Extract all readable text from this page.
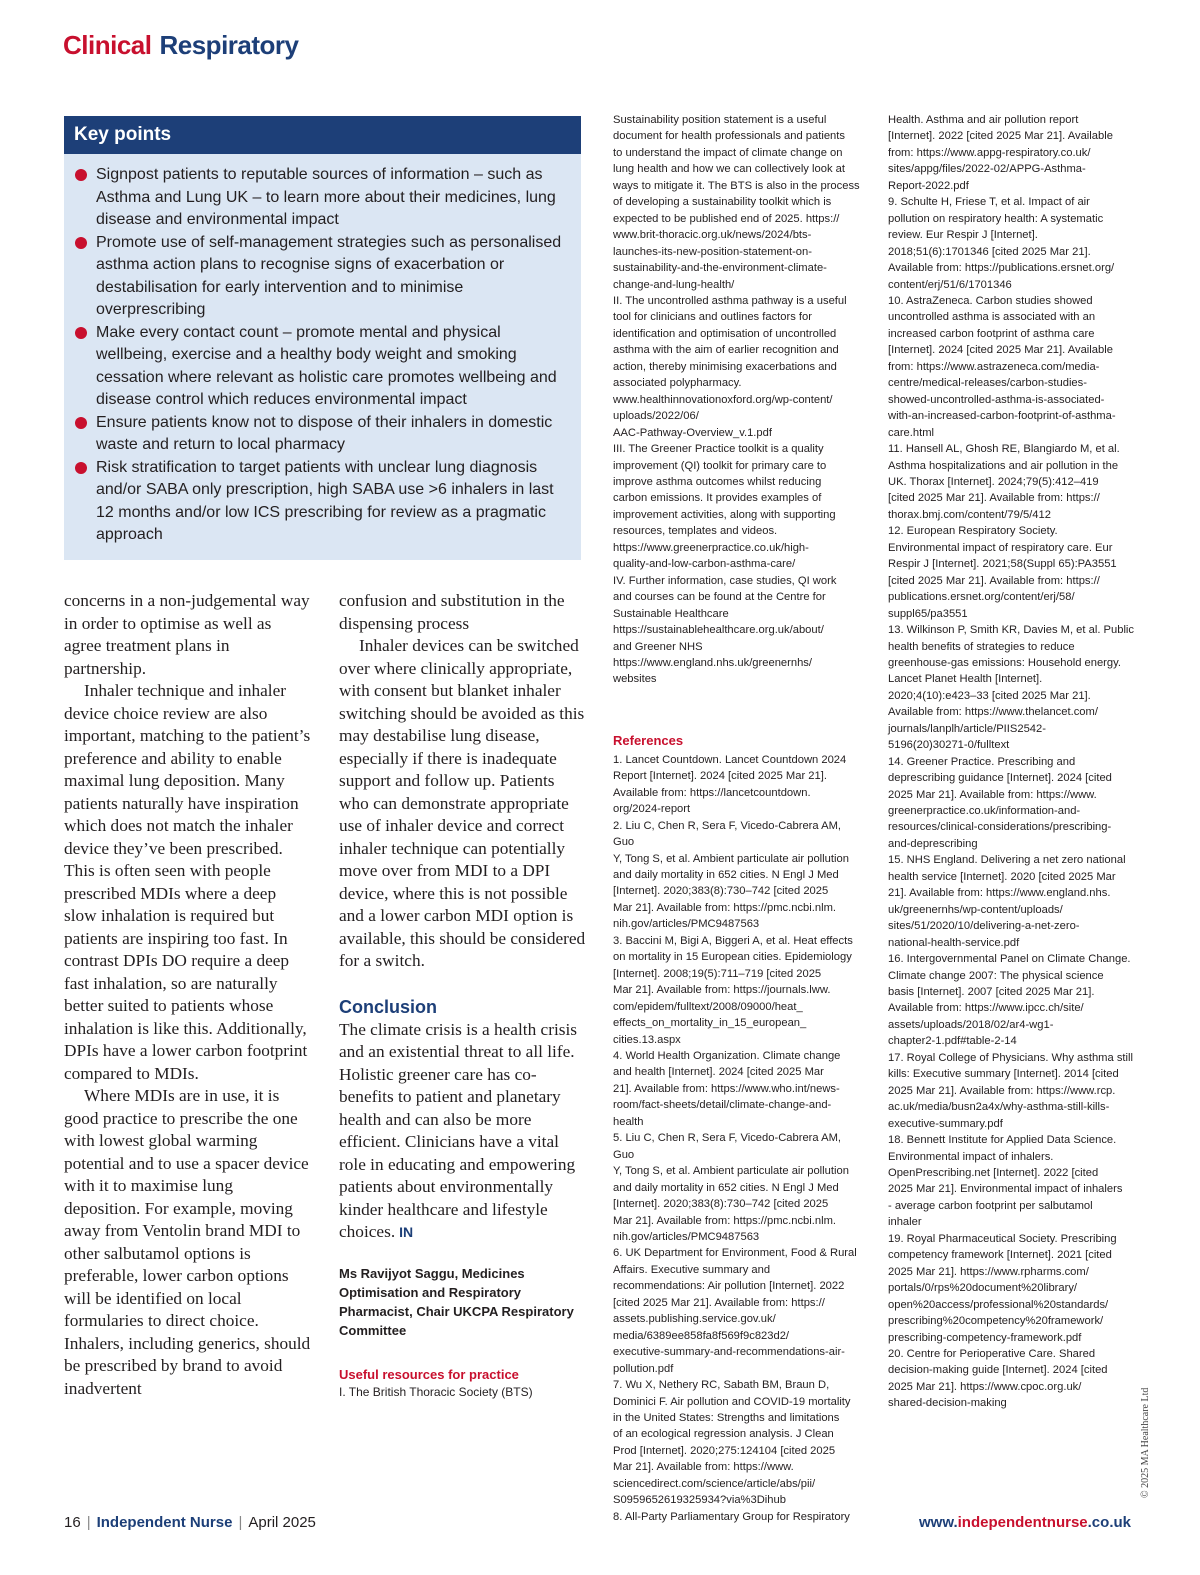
Clinical Respiratory
Key points
Signpost patients to reputable sources of information – such as Asthma and Lung UK – to learn more about their medicines, lung disease and environmental impact
Promote use of self-management strategies such as personalised asthma action plans to recognise signs of exacerbation or destabilisation for early intervention and to minimise overprescribing
Make every contact count – promote mental and physical wellbeing, exercise and a healthy body weight and smoking cessation where relevant as holistic care promotes wellbeing and disease control which reduces environmental impact
Ensure patients know not to dispose of their inhalers in domestic waste and return to local pharmacy
Risk stratification to target patients with unclear lung diagnosis and/or SABA only prescription, high SABA use >6 inhalers in last 12 months and/or low ICS prescribing for review as a pragmatic approach

concerns in a non-judgemental way in order to optimise as well as agree treatment plans in partnership.

Inhaler technique and inhaler device choice review are also important, matching to the patient’s preference and ability to enable maximal lung deposition. Many patients naturally have inspiration which does not match the inhaler device they’ve been prescribed. This is often seen with people prescribed MDIs where a deep slow inhalation is required but patients are inspiring too fast. In contrast DPIs DO require a deep fast inhalation, so are naturally better suited to patients whose inhalation is like this. Additionally, DPIs have a lower carbon footprint compared to MDIs.

Where MDIs are in use, it is good practice to prescribe the one with lowest global warming potential and to use a spacer device with it to maximise lung deposition. For example, moving away from Ventolin brand MDI to other salbutamol options is preferable, lower carbon options will be identified on local formularies to direct choice. Inhalers, including generics, should be prescribed by brand to avoid inadvertent

confusion and substitution in the dispensing process

Inhaler devices can be switched over where clinically appropriate, with consent but blanket inhaler switching should be avoided as this may destabilise lung disease, especially if there is inadequate support and follow up. Patients who can demonstrate appropriate use of inhaler device and correct inhaler technique can potentially move over from MDI to a DPI device, where this is not possible and a lower carbon MDI option is available, this should be considered for a switch.

Conclusion

The climate crisis is a health crisis and an existential threat to all life. Holistic greener care has co-benefits to patient and planetary health and can also be more efficient. Clinicians have a vital role in educating and empowering patients about environmentally kinder healthcare and lifestyle choices. IN

Ms Ravijyot Saggu, Medicines Optimisation and Respiratory Pharmacist, Chair UKCPA Respiratory Committee
Useful resources for practice
I. The British Thoracic Society (BTS)
Sustainability position statement is a useful
document for health professionals and patients
to understand the impact of climate change on
lung health and how we can collectively look at
ways to mitigate it. The BTS is also in the process
of developing a sustainability toolkit which is
expected to be published end of 2025. https://
www.brit-thoracic.org.uk/news/2024/bts-
launches-its-new-position-statement-on-
sustainability-and-the-environment-climate-
change-and-lung-health/
II. The uncontrolled asthma pathway is a useful
tool for clinicians and outlines factors for
identification and optimisation of uncontrolled
asthma with the aim of earlier recognition and
action, thereby minimising exacerbations and
associated polypharmacy.
www.healthinnovationoxford.org/wp-content/
uploads/2022/06/
AAC-Pathway-Overview_v.1.pdf
III. The Greener Practice toolkit is a quality
improvement (QI) toolkit for primary care to
improve asthma outcomes whilst reducing
carbon emissions. It provides examples of
improvement activities, along with supporting
resources, templates and videos.
https://www.greenerpractice.co.uk/high-
quality-and-low-carbon-asthma-care/
IV. Further information, case studies, QI work
and courses can be found at the Centre for
Sustainable Healthcare
https://sustainablehealthcare.org.uk/about/
and Greener NHS
https://www.england.nhs.uk/greenernhs/
websites
References
1. Lancet Countdown. Lancet Countdown 2024
Report [Internet]. 2024 [cited 2025 Mar 21].
Available from: https://lancetcountdown.
org/2024-report
2. Liu C, Chen R, Sera F, Vicedo-Cabrera AM, Guo
Y, Tong S, et al. Ambient particulate air pollution
and daily mortality in 652 cities. N Engl J Med
[Internet]. 2020;383(8):730–742 [cited 2025
Mar 21]. Available from: https://pmc.ncbi.nlm.
nih.gov/articles/PMC9487563
3. Baccini M, Bigi A, Biggeri A, et al. Heat effects
on mortality in 15 European cities. Epidemiology
[Internet]. 2008;19(5):711–719 [cited 2025
Mar 21]. Available from: https://journals.lww.
com/epidem/fulltext/2008/09000/heat_
effects_on_mortality_in_15_european_
cities.13.aspx
4. World Health Organization. Climate change
and health [Internet]. 2024 [cited 2025 Mar
21]. Available from: https://www.who.int/news-
room/fact-sheets/detail/climate-change-and-
health
5. Liu C, Chen R, Sera F, Vicedo-Cabrera AM, Guo
Y, Tong S, et al. Ambient particulate air pollution
and daily mortality in 652 cities. N Engl J Med
[Internet]. 2020;383(8):730–742 [cited 2025
Mar 21]. Available from: https://pmc.ncbi.nlm.
nih.gov/articles/PMC9487563
6. UK Department for Environment, Food & Rural
Affairs. Executive summary and
recommendations: Air pollution [Internet]. 2022
[cited 2025 Mar 21]. Available from: https://
assets.publishing.service.gov.uk/
media/6389ee858fa8f569f9c823d2/
executive-summary-and-recommendations-air-
pollution.pdf
7. Wu X, Nethery RC, Sabath BM, Braun D,
Dominici F. Air pollution and COVID-19 mortality
in the United States: Strengths and limitations
of an ecological regression analysis. J Clean
Prod [Internet]. 2020;275:124104 [cited 2025
Mar 21]. Available from: https://www.
sciencedirect.com/science/article/abs/pii/
S0959652619325934?via%3Dihub
8. All-Party Parliamentary Group for Respiratory
Health. Asthma and air pollution report
[Internet]. 2022 [cited 2025 Mar 21]. Available
from: https://www.appg-respiratory.co.uk/
sites/appg/files/2022-02/APPG-Asthma-
Report-2022.pdf
9. Schulte H, Friese T, et al. Impact of air
pollution on respiratory health: A systematic
review. Eur Respir J [Internet].
2018;51(6):1701346 [cited 2025 Mar 21].
Available from: https://publications.ersnet.org/
content/erj/51/6/1701346
10. AstraZeneca. Carbon studies showed
uncontrolled asthma is associated with an
increased carbon footprint of asthma care
[Internet]. 2024 [cited 2025 Mar 21]. Available
from: https://www.astrazeneca.com/media-
centre/medical-releases/carbon-studies-
showed-uncontrolled-asthma-is-associated-
with-an-increased-carbon-footprint-of-asthma-
care.html
11. Hansell AL, Ghosh RE, Blangiardo M, et al.
Asthma hospitalizations and air pollution in the
UK. Thorax [Internet]. 2024;79(5):412–419
[cited 2025 Mar 21]. Available from: https://
thorax.bmj.com/content/79/5/412
12. European Respiratory Society.
Environmental impact of respiratory care. Eur
Respir J [Internet]. 2021;58(Suppl 65):PA3551
[cited 2025 Mar 21]. Available from: https://
publications.ersnet.org/content/erj/58/
suppl65/pa3551
13. Wilkinson P, Smith KR, Davies M, et al. Public
health benefits of strategies to reduce
greenhouse-gas emissions: Household energy.
Lancet Planet Health [Internet].
2020;4(10):e423–33 [cited 2025 Mar 21].
Available from: https://www.thelancet.com/
journals/lanplh/article/PIIS2542-
5196(20)30271-0/fulltext
14. Greener Practice. Prescribing and
deprescribing guidance [Internet]. 2024 [cited
2025 Mar 21]. Available from: https://www.
greenerpractice.co.uk/information-and-
resources/clinical-considerations/prescribing-
and-deprescribing
15. NHS England. Delivering a net zero national
health service [Internet]. 2020 [cited 2025 Mar
21]. Available from: https://www.england.nhs.
uk/greenernhs/wp-content/uploads/
sites/51/2020/10/delivering-a-net-zero-
national-health-service.pdf
16. Intergovernmental Panel on Climate Change.
Climate change 2007: The physical science
basis [Internet]. 2007 [cited 2025 Mar 21].
Available from: https://www.ipcc.ch/site/
assets/uploads/2018/02/ar4-wg1-
chapter2-1.pdf#table-2-14
17. Royal College of Physicians. Why asthma still
kills: Executive summary [Internet]. 2014 [cited
2025 Mar 21]. Available from: https://www.rcp.
ac.uk/media/busn2a4x/why-asthma-still-kills-
executive-summary.pdf
18. Bennett Institute for Applied Data Science.
Environmental impact of inhalers.
OpenPrescribing.net [Internet]. 2022 [cited
2025 Mar 21]. Environmental impact of inhalers
- average carbon footprint per salbutamol
inhaler
19. Royal Pharmaceutical Society. Prescribing
competency framework [Internet]. 2021 [cited
2025 Mar 21]. https://www.rpharms.com/
portals/0/rps%20document%20library/
open%20access/professional%20standards/
prescribing%20competency%20framework/
prescribing-competency-framework.pdf
20. Centre for Perioperative Care. Shared
decision-making guide [Internet]. 2024 [cited
2025 Mar 21]. https://www.cpoc.org.uk/
shared-decision-making	© 2025 MA Healthcare Ltd
16 | Independent Nurse | April 2025	www.independentnurse.co.uk
